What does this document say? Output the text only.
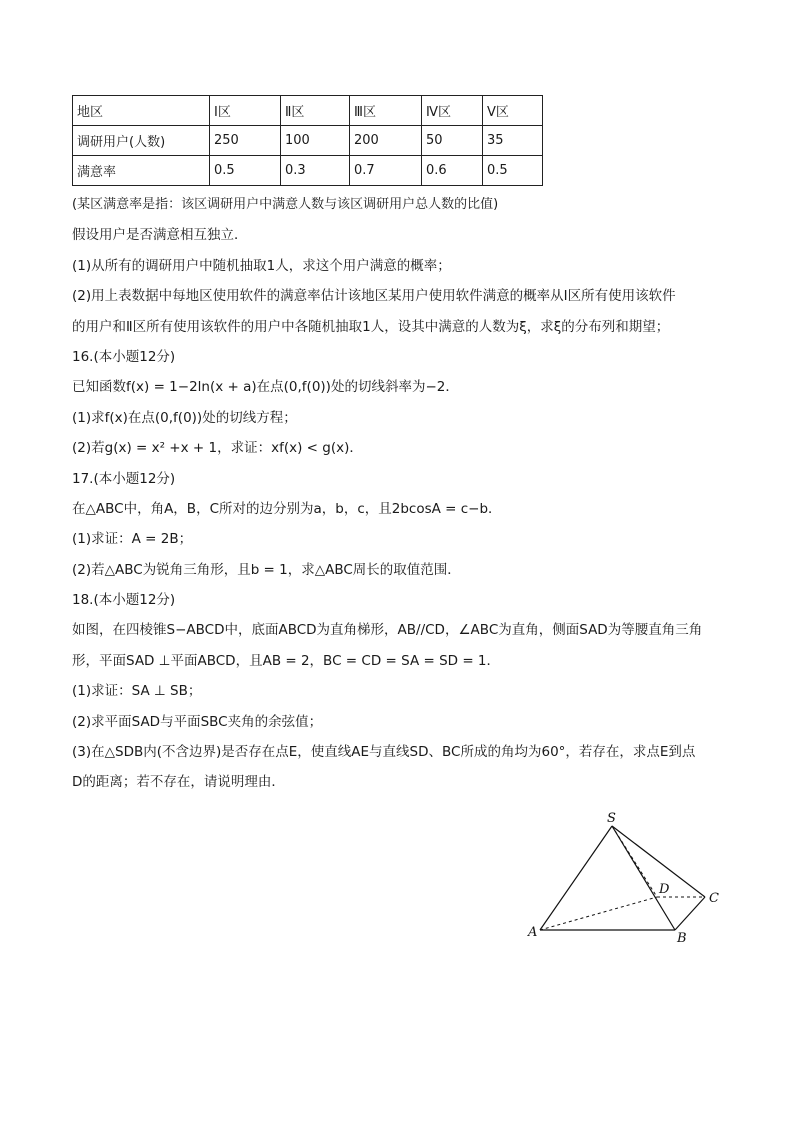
地区	I区	Ⅱ区	Ⅲ区	Ⅳ区	V区
调研用户(人数)	250	100	200	50	35
满意率	0.5	0.3	0.7	0.6	0.5
(某区满意率是指：该区调研用户中满意人数与该区调研用户总人数的比值)
假设用户是否满意相互独立．
(1)从所有的调研用户中随机抽取1人，求这个用户满意的概率；
(2)用上表数据中每地区使用软件的满意率估计该地区某用户使用软件满意的概率从Ⅰ区所有使用该软件
的用户和Ⅱ区所有使用该软件的用户中各随机抽取1人，设其中满意的人数为ξ，求ξ的分布列和期望；
16.(本小题12分)
已知函数f(x) = 1−2ln(x + a)在点(0,f(0))处的切线斜率为−2．
(1)求f(x)在点(0,f(0))处的切线方程；
(2)若g(x) = x² +x + 1，求证：xf(x) < g(x)．
17.(本小题12分)
在△ABC中，角A，B，C所对的边分别为a，b，c，且2bcosA = c−b．
(1)求证：A = 2B；
(2)若△ABC为锐角三角形，且b = 1，求△ABC周长的取值范围．
18.(本小题12分)
如图，在四棱锥S−ABCD中，底面ABCD为直角梯形，AB//CD，∠ABC为直角，侧面SAD为等腰直角三角
形，平面SAD ⊥平面ABCD，且AB = 2，BC = CD = SA = SD = 1．
(1)求证：SA ⊥ SB；
(2)求平面SAD与平面SBC夹角的余弦值；
(3)在△SDB内(不含边界)是否存在点E，使直线AE与直线SD、BC所成的角均为60°，若存在，求点E到点
D的距离；若不存在，请说明理由．
S
A	B
C
D
